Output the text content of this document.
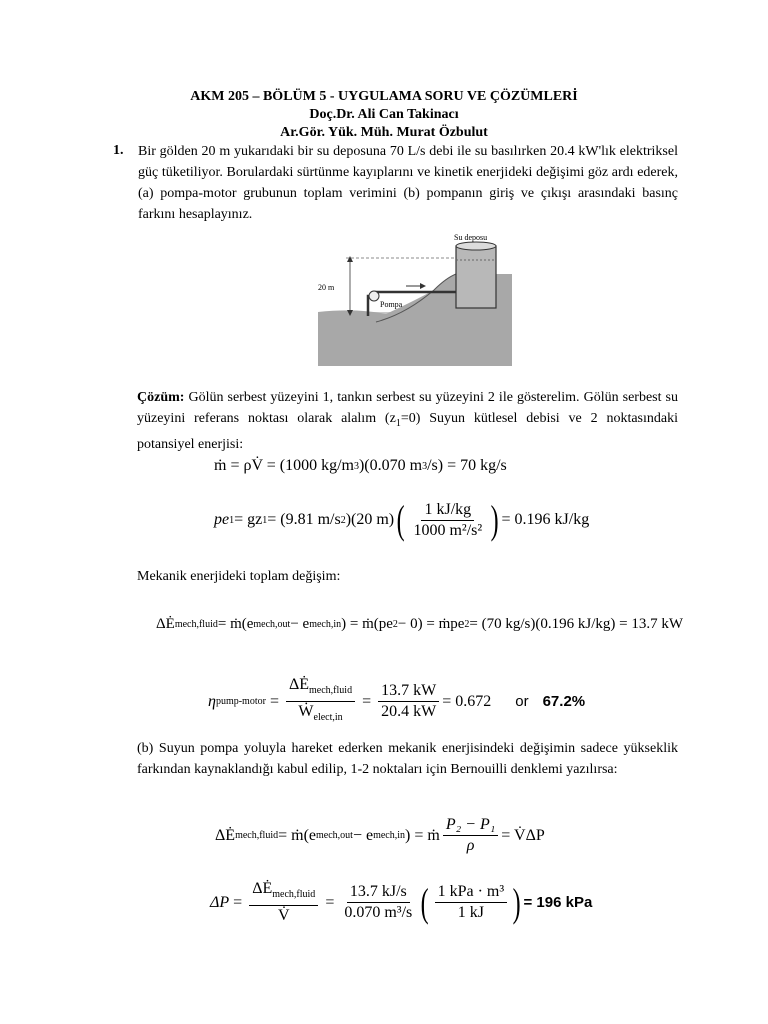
AKM 205 – BÖLÜM 5 - UYGULAMA SORU VE ÇÖZÜMLERİ
Doç.Dr. Ali Can Takinacı
Ar.Gör. Yük. Müh. Murat Özbulut
1. Bir gölden 20 m yukarıdaki bir su deposuna 70 L/s debi ile su basılırken 20.4 kW'lık elektriksel güç tüketiliyor. Borulardaki sürtünme kayıplarını ve kinetik enerjideki değişimi göz ardı ederek, (a) pompa-motor grubunun toplam verimini (b) pompanın giriş ve çıkışı arasındaki basınç farkını hesaplayınız.
20 m
Pompa
Su deposu
Çözüm: Gölün serbest yüzeyini 1, tankın serbest su yüzeyini 2 ile gösterelim. Gölün serbest su yüzeyini referans noktası olarak alalım $(z_1=0)$ Suyun kütlesel debisi ve 2 noktasındaki potansiyel enerjisi:
ṁ = ρV̇ = (1000 kg/m 3 )(0.070 m 3 /s) = 70 kg/s
pe 1 = gz 1 = (9.81 m/s 2 )(20 m) ( $\frac{1 kJ/kg}{\text{1000 m²/s²}}$ ) = 0.196 kJ/kg
Mekanik enerjideki toplam değişim:
ΔĖ mech,fluid = ṁ(e mech,out − e mech,in ) = ṁ(pe 2 − 0) = ṁpe 2 = (70 kg/s)(0.196 kJ/kg) = 13.7 kW
η pump-motor = $\frac{\Delta Ė_{mech,fluid}}{Ẇ_{elect,in}} = \frac{13.7 kW}{20.4 kW} = 0.672$ or 67.2%
(b) Suyun pompa yoluyla hareket ederken mekanik enerjisindeki değişimin sadece yükseklik farkından kaynaklandığı kabul edilip, 1-2 noktaları için Bernouilli denklemi yazılırsa:
ΔĖ mech,fluid = ṁ(e mech,out − e mech,in ) = ṁ $\frac{\text{P₂ − P₁}}{\rho}$ = V̇ΔP
$\Delta P = \frac{\Delta Ė_{mech,fluid}}{V̇} = \frac{13.7 kJ/s}{\text{0.070 m³/s}}$ ( $\frac{\text{1 kPa · m³}}{1 kJ}$ ) = 196 kPa
